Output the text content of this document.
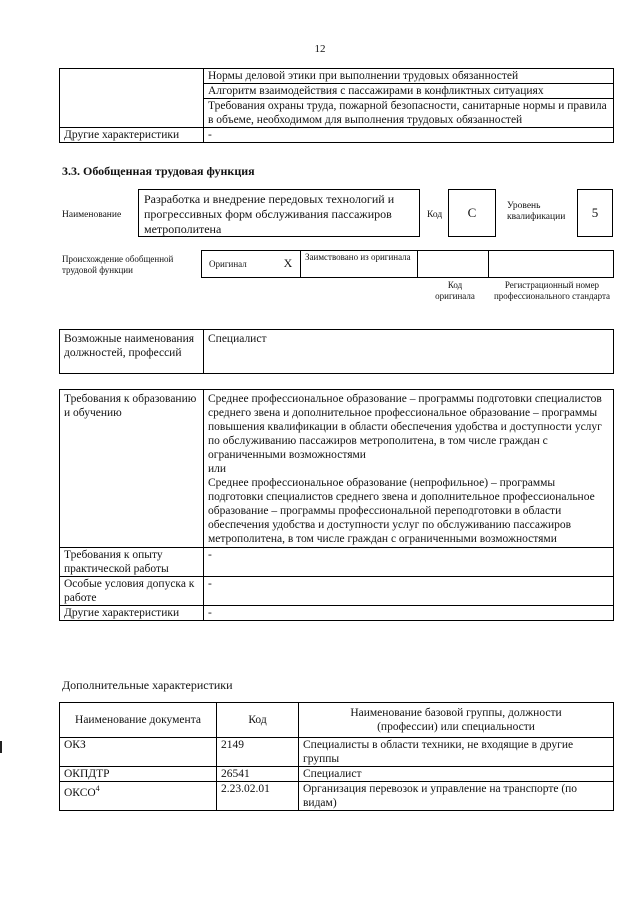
12
	Нормы деловой этики при выполнении трудовых обязанностей
	Алгоритм взаимодействия с пассажирами в конфликтных ситуациях
	Требования охраны труда, пожарной безопасности, санитарные нормы и правила в объеме, необходимом для выполнения трудовых обязанностей
Другие характеристики	-
3.3. Обобщенная трудовая функция
Наименование
Разработка и внедрение передовых технологий и прогрессивных форм обслуживания пассажиров метрополитена
Код	C	Уровень квалификации	5
Происхождение обобщенной трудовой функции
Оригинал	X	Заимствовано из оригинала
Код оригинала
Регистрационный номер профессионального стандарта
Возможные наименования должностей, профессий	Специалист
Требования к образованию и обучению	Среднее профессиональное образование – программы подготовки специалистов среднего звена и дополнительное профессиональное образование – программы повышения квалификации в области обеспечения удобства и доступности услуг по обслуживанию пассажиров метрополитена, в том числе граждан с ограниченными возможностями
или
Среднее профессиональное образование (непрофильное) – программы подготовки специалистов среднего звена и дополнительное профессиональное образование – программы профессиональной переподготовки в области обеспечения удобства и доступности услуг по обслуживанию пассажиров метрополитена, в том числе граждан с ограниченными возможностями
Требования к опыту практической работы	-
Особые условия допуска к работе	-
Другие характеристики	-
Дополнительные характеристики
Наименование документа	Код	Наименование базовой группы, должности (профессии) или специальности
ОКЗ	2149	Специалисты в области техники, не входящие в другие группы
ОКПДТР	26541	Специалист
ОКСО$^4$	2.23.02.01	Организация перевозок и управление на транспорте (по видам)
